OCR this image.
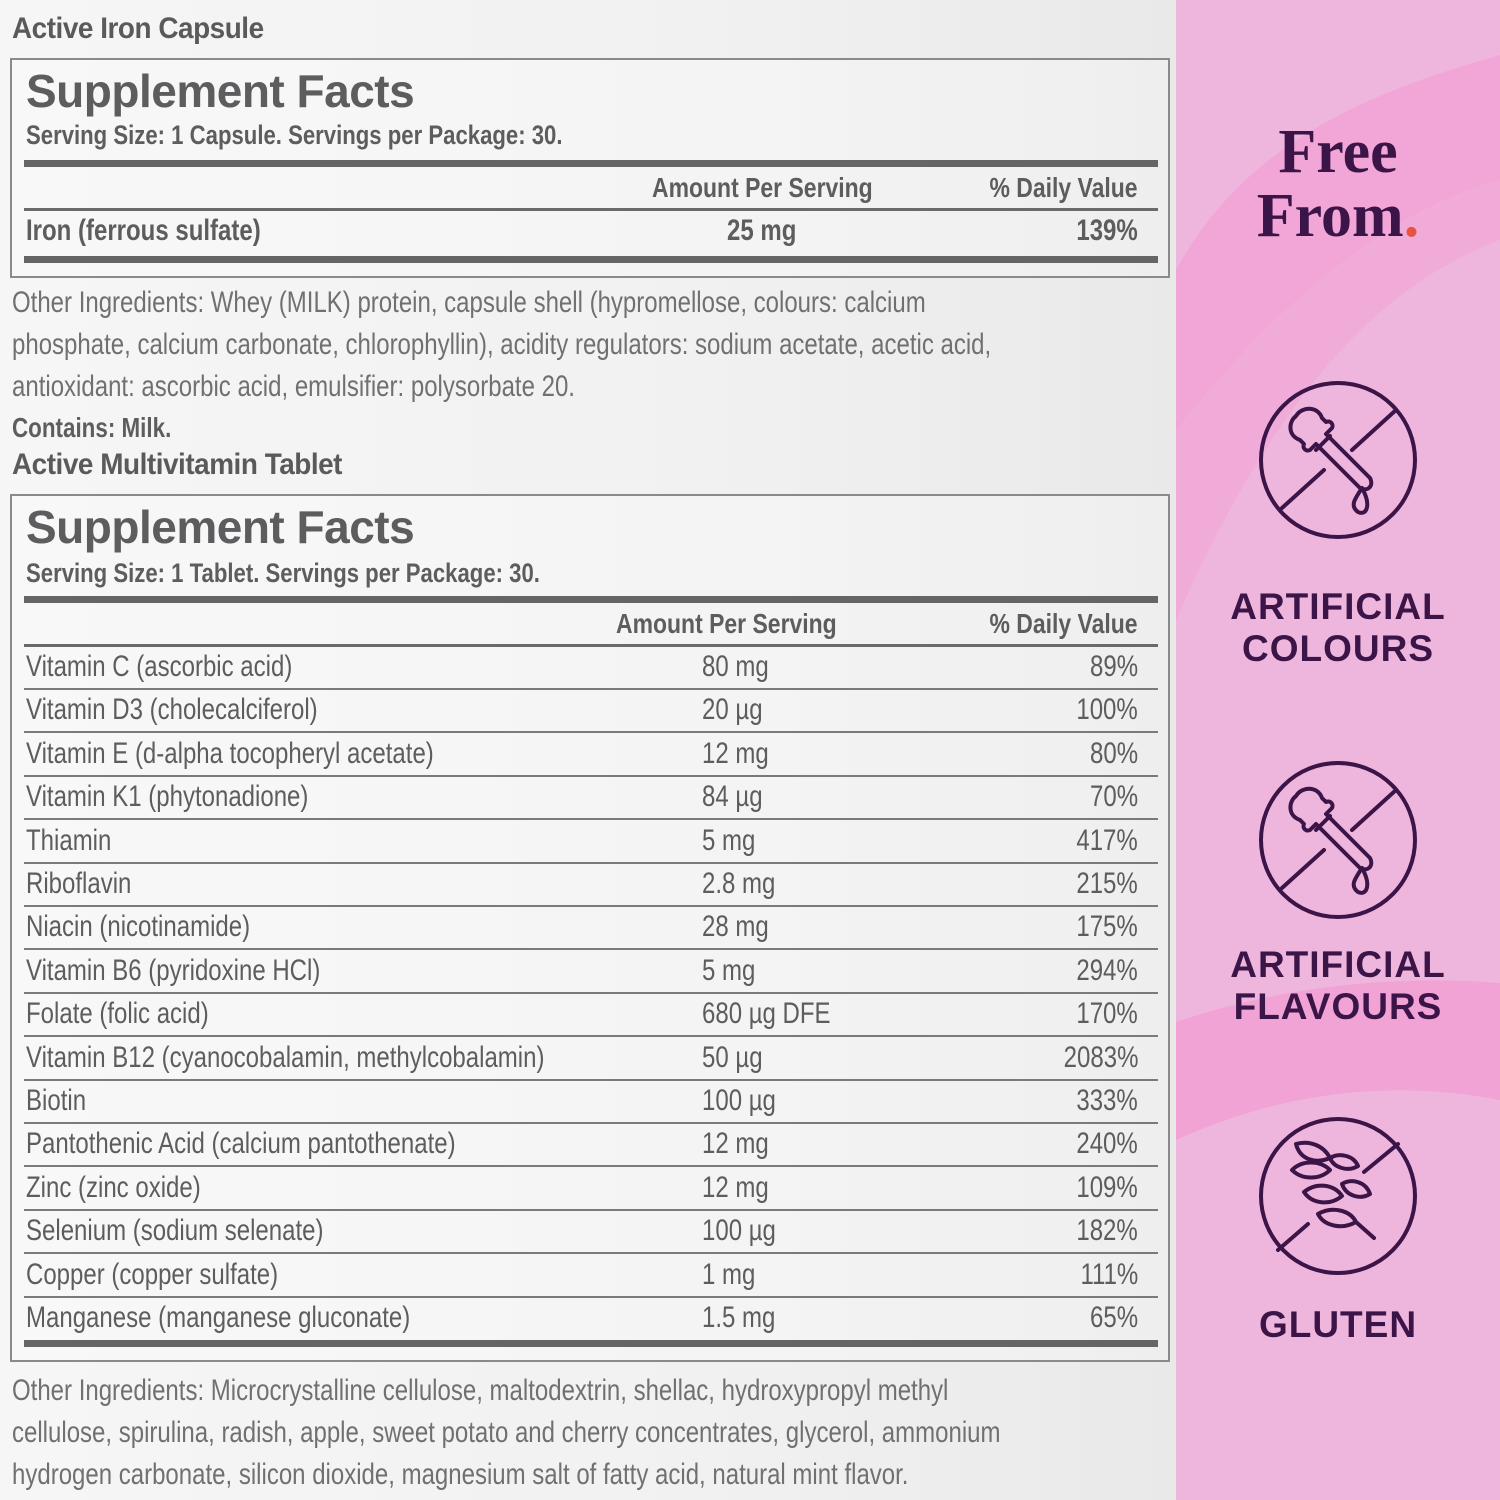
Active Iron Capsule
Supplement Facts
Serving Size: 1 Capsule. Servings per Package: 30.
Amount Per Serving	% Daily Value
Iron (ferrous sulfate)	25 mg	139%
Other Ingredients: Whey (MILK) protein, capsule shell (hypromellose, colours: calcium
phosphate, calcium carbonate, chlorophyllin), acidity regulators: sodium acetate, acetic acid,
antioxidant: ascorbic acid, emulsifier: polysorbate 20.
Contains: Milk.
Active Multivitamin Tablet
Supplement Facts
Serving Size: 1 Tablet. Servings per Package: 30.
Amount Per Serving	% Daily Value
Vitamin C (ascorbic acid)	80 mg	89%
Vitamin D3 (cholecalciferol)	20 µg	100%
Vitamin E (d-alpha tocopheryl acetate)	12 mg	80%
Vitamin K1 (phytonadione)	84 µg	70%
Thiamin	5 mg	417%
Riboflavin	2.8 mg	215%
Niacin (nicotinamide)	28 mg	175%
Vitamin B6 (pyridoxine HCl)	5 mg	294%
Folate (folic acid)	680 µg DFE	170%
Vitamin B12 (cyanocobalamin, methylcobalamin)	50 µg	2083%
Biotin	100 µg	333%
Pantothenic Acid (calcium pantothenate)	12 mg	240%
Zinc (zinc oxide)	12 mg	109%
Selenium (sodium selenate)	100 µg	182%
Copper (copper sulfate)	1 mg	111%
Manganese (manganese gluconate)	1.5 mg	65%
Other Ingredients: Microcrystalline cellulose, maltodextrin, shellac, hydroxypropyl methyl
cellulose, spirulina, radish, apple, sweet potato and cherry concentrates, glycerol, ammonium
hydrogen carbonate, silicon dioxide, magnesium salt of fatty acid, natural mint flavor.
Free
From.
ARTIFICIAL
COLOURS
ARTIFICIAL
FLAVOURS
GLUTEN
